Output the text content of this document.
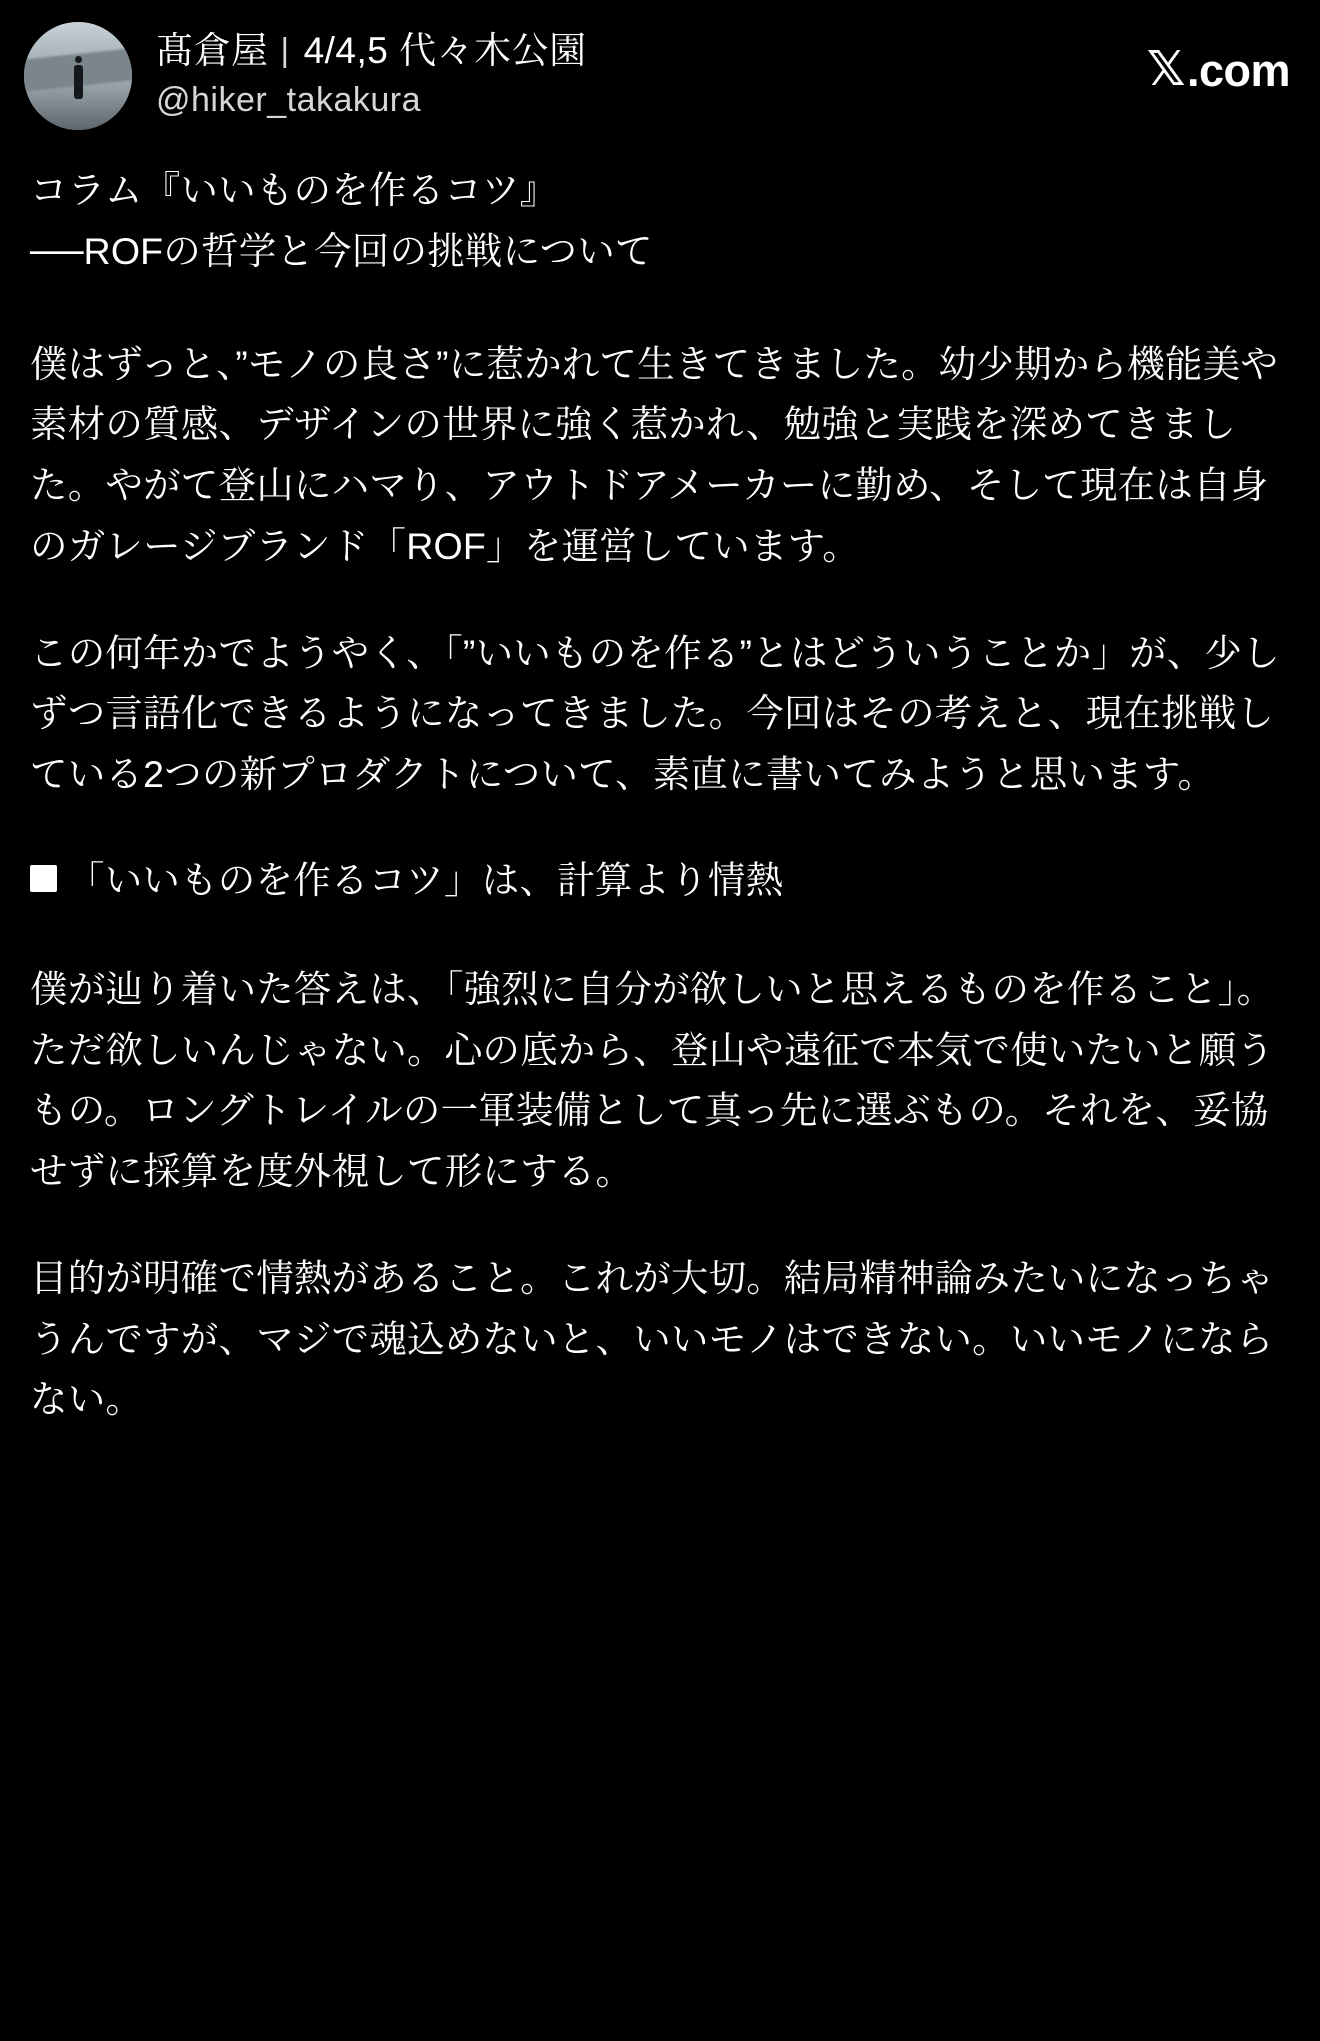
髙倉屋 | 4/4,5 代々木公園
@hiker_takakura
𝕏 .com

コラム『いいものを作るコツ』
──ROFの哲学と今回の挑戦について

僕はずっと、”モノの良さ”に惹かれて生きてきました。幼少期から機能美や素材の質感、デザインの世界に強く惹かれ、勉強と実践を深めてきました。やがて登山にハマり、アウトドアメーカーに勤め、そして現在は自身のガレージブランド「ROF」を運営しています。

この何年かでようやく、「”いいものを作る”とはどういうことか」が、少しずつ言語化できるようになってきました。今回はその考えと、現在挑戦している2つの新プロダクトについて、素直に書いてみようと思います。

「いいものを作るコツ」は、計算より情熱

僕が辿り着いた答えは、「強烈に自分が欲しいと思えるものを作ること」。ただ欲しいんじゃない。心の底から、登山や遠征で本気で使いたいと願うもの。ロングトレイルの一軍装備として真っ先に選ぶもの。それを、妥協せずに採算を度外視して形にする。

目的が明確で情熱があること。これが大切。結局精神論みたいになっちゃうんですが、マジで魂込めないと、いいモノはできない。いいモノにならない。
